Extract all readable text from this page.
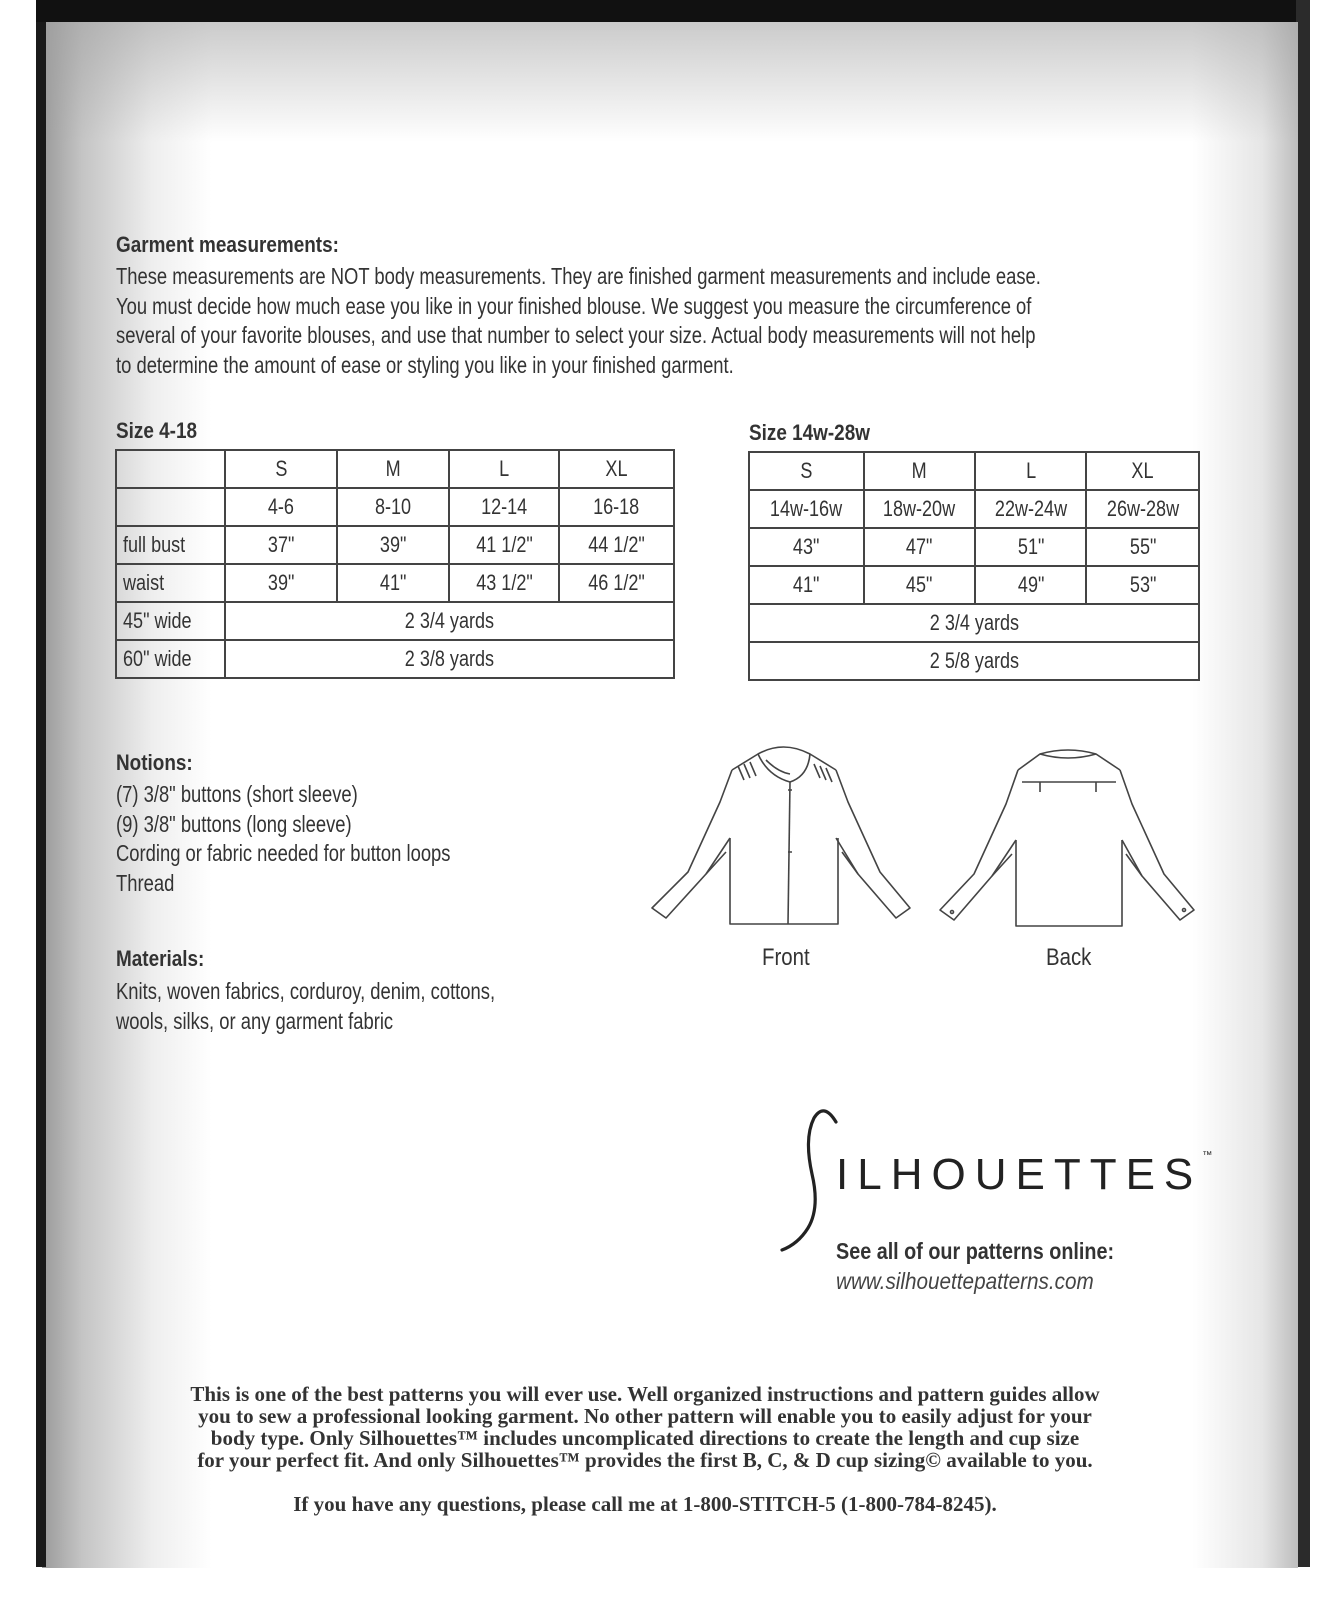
Garment measurements:
These measurements are NOT body measurements. They are finished garment measurements and include ease.
You must decide how much ease you like in your finished blouse. We suggest you measure the circumference of
several of your favorite blouses, and use that number to select your size. Actual body measurements will not help
to determine the amount of ease or styling you like in your finished garment.
Size 4-18
	S	M	L	XL
	4-6	8-10	12-14	16-18
full bust	37"	39"	41 1/2"	44 1/2"
waist	39"	41"	43 1/2"	46 1/2"
45" wide	2 3/4 yards			
60" wide	2 3/8 yards			
Size 14w-28w
S	M	L	XL
14w-16w	18w-20w	22w-24w	26w-28w
43"	47"	51"	55"
41"	45"	49"	53"
2 3/4 yards			
2 5/8 yards			
Notions:
(7) 3/8" buttons (short sleeve)
(9) 3/8" buttons (long sleeve)
Cording or fabric needed for button loops
Thread
Materials:
Knits, woven fabrics, corduroy, denim, cottons,
wools, silks, or any garment fabric
Front	Back
S
ILHOUETTES™
See all of our patterns online:
www.silhouettepatterns.com
This is one of the best patterns you will ever use. Well organized instructions and pattern guides allow
you to sew a professional looking garment. No other pattern will enable you to easily adjust for your
body type. Only Silhouettes™ includes uncomplicated directions to create the length and cup size
for your perfect fit. And only Silhouettes™ provides the first B, C, & D cup sizing© available to you.
If you have any questions, please call me at 1-800-STITCH-5 (1-800-784-8245).
